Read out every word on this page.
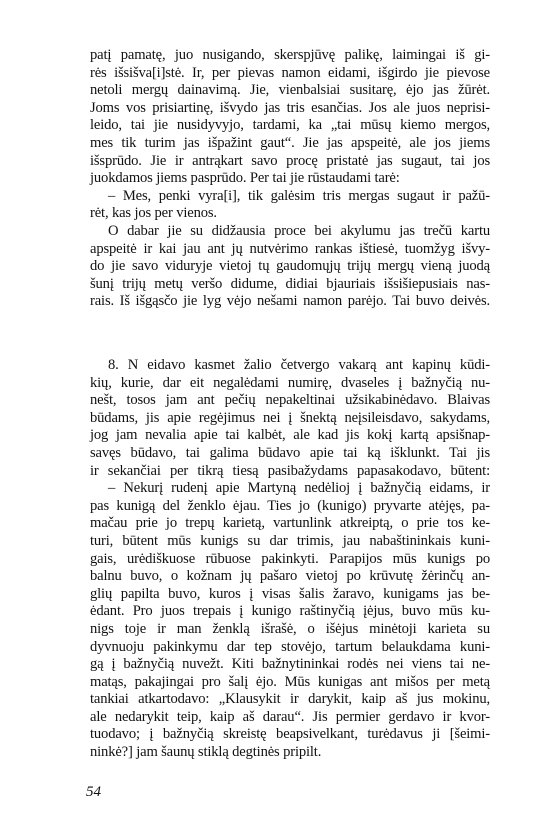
patį pamatę, juo nusigando, skerspjūvę palikę, laimingai iš gi-
rės išsišva[i]stė. Ir, per pievas namon eidami, išgirdo jie pievose
netoli mergų dainavimą. Jie, vienbalsiai susitarę, ėjo jas žūrėt.
Joms vos prisiartinę, išvydo jas tris esančias. Jos ale juos neprisi-
leido, tai jie nusidyvyjo, tardami, ka „tai mūsų kiemo mergos,
mes tik turim jas išpažint gaut“. Jie jas apspeitė, ale jos jiems
išsprūdo. Jie ir antrąkart savo procę pristatė jas sugaut, tai jos
juokdamos jiems pasprūdo. Per tai jie rūstaudami tarė:
– Mes, penki vyra[i], tik galėsim tris mergas sugaut ir pažū-
rėt, kas jos per vienos.
O dabar jie su didžausia proce bei akylumu jas trečū kartu
apspeitė ir kai jau ant jų nutvėrimo rankas ištiesė, tuomžyg išvy-
do jie savo viduryje vietoj tų gaudomųjų trijų mergų vieną juodą
šunį trijų metų veršo didume, didiai bjauriais išsišiepusiais nas-
rais. Iš išgąsčo jie lyg vėjo nešami namon parėjo. Tai buvo deivės.
8. N eidavo kasmet žalio četvergo vakarą ant kapinų kūdi-
kių, kurie, dar eit negalėdami numirę, dvaseles į bažnyčią nu-
nešt, tosos jam ant pečių nepakeltinai užsikabinėdavo. Blaivas
būdams, jis apie regėjimus nei į šnektą neįsileisdavo, sakydams,
jog jam nevalia apie tai kalbėt, ale kad jis kokį kartą apsišnap-
savęs būdavo, tai galima būdavo apie tai ką išklunkt. Tai jis
ir sekančiai per tikrą tiesą pasibažydams papasakodavo, būtent:
– Nekurį rudenį apie Martyną nedėlioj į bažnyčią eidams, ir
pas kunigą del ženklo ėjau. Ties jo (kunigo) pryvarte atėjęs, pa-
mačau prie jo trepų karietą, vartunlink atkreiptą, o prie tos ke-
turi, būtent mūs kunigs su dar trimis, jau nabaštininkais kuni-
gais, urėdiškuose rūbuose pakinkyti. Parapijos mūs kunigs po
balnu buvo, o kožnam jų pašaro vietoj po krūvutę žėrinčų an-
glių papilta buvo, kuros į visas šalis žaravo, kunigams jas be-
ėdant. Pro juos trepais į kunigo raštinyčią įėjus, buvo mūs ku-
nigs toje ir man ženklą išrašė, o išėjus minėtoji karieta su
dyvnuoju pakinkymu dar tep stovėjo, tartum belaukdama kuni-
gą į bažnyčią nuvežt. Kiti bažnytininkai rodės nei viens tai ne-
matąs, pakajingai pro šalį ėjo. Mūs kunigas ant mišos per metą
tankiai atkartodavo: „Klausykit ir darykit, kaip aš jus mokinu,
ale nedarykit teip, kaip aš darau“. Jis permier gerdavo ir kvor-
tuodavo; į bažnyčią skreistę beapsivelkant, turėdavus ji [šeimi-
ninkė?] jam šaunų stiklą degtinės pripilt.
54
